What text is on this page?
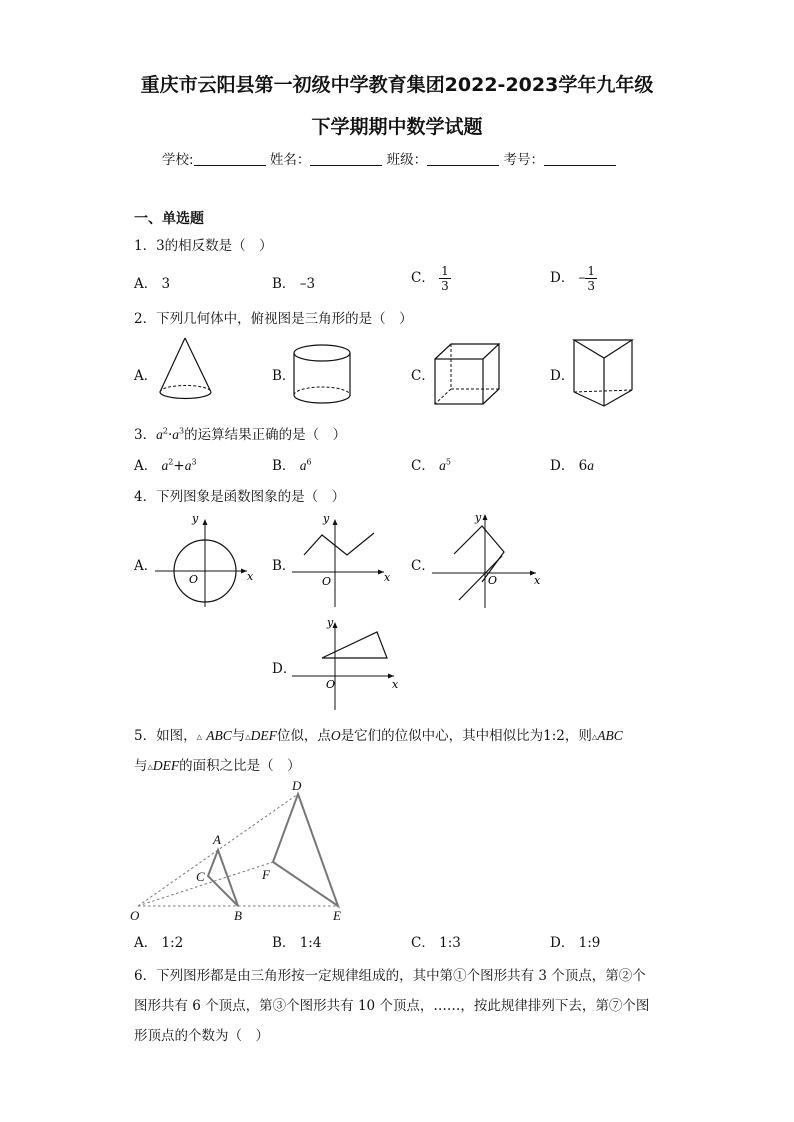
重庆市云阳县第一初级中学教育集团2022-2023学年九年级
下学期期中数学试题
学校:	姓名：	班级：	考号：
一、单选题
1．3的相反数是（　）
A． 3	B． –3	C． $\frac{1}{3}$	D． – $\frac{1}{3}$
2．下列几何体中，俯视图是三角形的是（　）
A．	B．	C．	D．
3．$a^2\cdot a^3$的运算结果正确的是（　）
A． $a^2+a^3$	B． $a^6$	C． $a^5$	D． 6a
4．下列图象是函数图象的是（　）
A．	B．	C．
D．
y
x
O
y
x
O
y
x
O
y
x
O
5．如图，△ ABC与△DEF位似，点O是它们的位似中心，其中相似比为1:2，则△ABC
与△DEF的面积之比是（　）
D
A
C	F
O	B	E
A． 1:2	B． 1:4	C． 1:3	D． 1:9
6．下列图形都是由三角形按一定规律组成的，其中第①个图形共有 3 个顶点，第②个
图形共有 6 个顶点，第③个图形共有 10 个顶点，……，按此规律排列下去，第⑦个图
形顶点的个数为（　）
